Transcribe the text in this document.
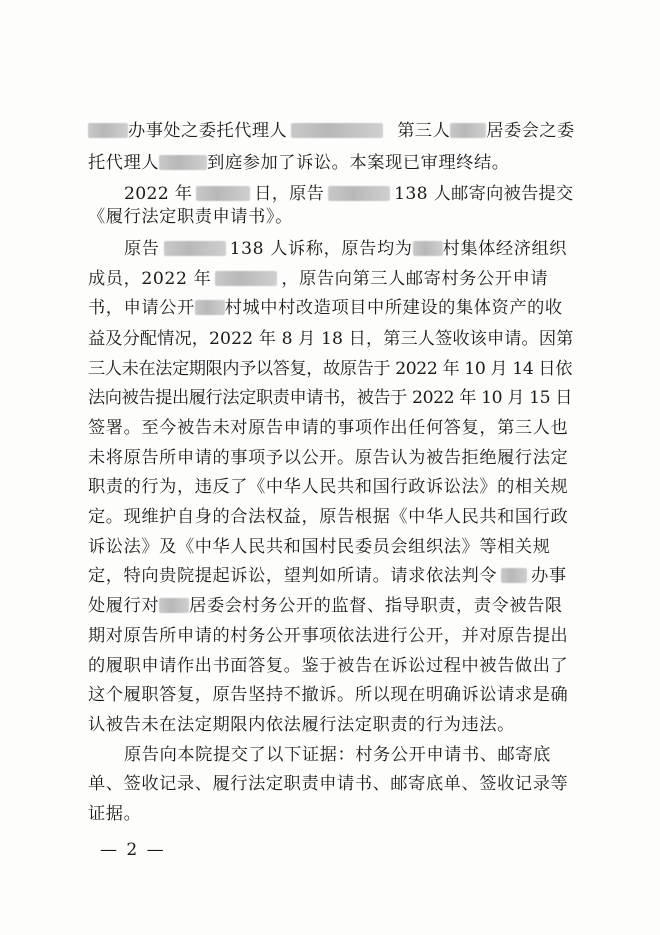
办事处之委托代理人	第三人 居委会之委
托代理人	到庭参加了诉讼。本案现已审理终结。
2022 年	日，原告	138 人邮寄向被告提交
《履行法定职责申请书》。
原告	138 人诉称，原告均为 村集体经济组织
成员，2022 年	，原告向第三人邮寄村务公开申请
书，申请公开 村城中村改造项目中所建设的集体资产的收
益及分配情况，2022 年 8 月 18 日，第三人签收该申请。因第
三人未在法定期限内予以答复，故原告于 2022 年 10 月 14 日依
法向被告提出履行法定职责申请书，被告于 2022 年 10 月 15 日
签署。至今被告未对原告申请的事项作出任何答复，第三人也
未将原告所申请的事项予以公开。原告认为被告拒绝履行法定
职责的行为，违反了《中华人民共和国行政诉讼法》的相关规
定。现维护自身的合法权益，原告根据《中华人民共和国行政
诉讼法》及《中华人民共和国村民委员会组织法》等相关规
定，特向贵院提起诉讼，望判如所请。请求依法判令 办事
处履行对 居委会村务公开的监督、指导职责，责令被告限
期对原告所申请的村务公开事项依法进行公开，并对原告提出
的履职申请作出书面答复。鉴于被告在诉讼过程中被告做出了
这个履职答复，原告坚持不撤诉。所以现在明确诉讼请求是确
认被告未在法定期限内依法履行法定职责的行为违法。
原告向本院提交了以下证据：村务公开申请书、邮寄底
单、签收记录、履行法定职责申请书、邮寄底单、签收记录等
证据。
— 2 —
